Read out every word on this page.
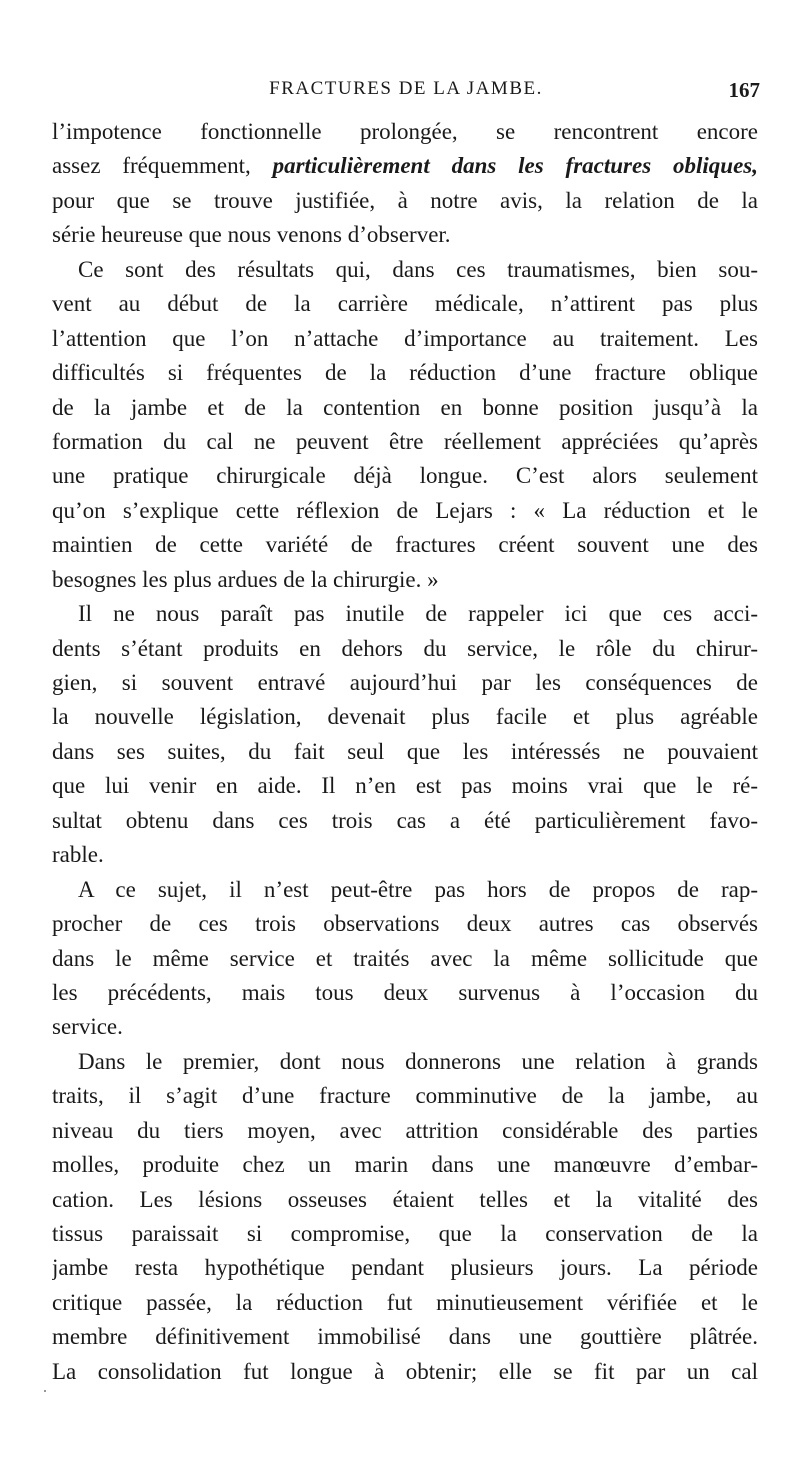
FRACTURES DE LA JAMBE.	167
l’impotence fonctionnelle prolongée, se rencontrent encore
assez fréquemment, particulièrement dans les fractures obliques,
pour que se trouve justifiée, à notre avis, la relation de la
série heureuse que nous venons d’observer.
Ce sont des résultats qui, dans ces traumatismes, bien sou-
vent au début de la carrière médicale, n’attirent pas plus
l’attention que l’on n’attache d’importance au traitement. Les
difficultés si fréquentes de la réduction d’une fracture oblique
de la jambe et de la contention en bonne position jusqu’à la
formation du cal ne peuvent être réellement appréciées qu’après
une pratique chirurgicale déjà longue. C’est alors seulement
qu’on s’explique cette réflexion de Lejars : « La réduction et le
maintien de cette variété de fractures créent souvent une des
besognes les plus ardues de la chirurgie. »
Il ne nous paraît pas inutile de rappeler ici que ces acci-
dents s’étant produits en dehors du service, le rôle du chirur-
gien, si souvent entravé aujourd’hui par les conséquences de
la nouvelle législation, devenait plus facile et plus agréable
dans ses suites, du fait seul que les intéressés ne pouvaient
que lui venir en aide. Il n’en est pas moins vrai que le ré-
sultat obtenu dans ces trois cas a été particulièrement favo-
rable.
A ce sujet, il n’est peut-être pas hors de propos de rap-
procher de ces trois observations deux autres cas observés
dans le même service et traités avec la même sollicitude que
les précédents, mais tous deux survenus à l’occasion du
service.
Dans le premier, dont nous donnerons une relation à grands
traits, il s’agit d’une fracture comminutive de la jambe, au
niveau du tiers moyen, avec attrition considérable des parties
molles, produite chez un marin dans une manœuvre d’embar-
cation. Les lésions osseuses étaient telles et la vitalité des
tissus paraissait si compromise, que la conservation de la
jambe resta hypothétique pendant plusieurs jours. La période
critique passée, la réduction fut minutieusement vérifiée et le
membre définitivement immobilisé dans une gouttière plâtrée.
La consolidation fut longue à obtenir; elle se fit par un cal
